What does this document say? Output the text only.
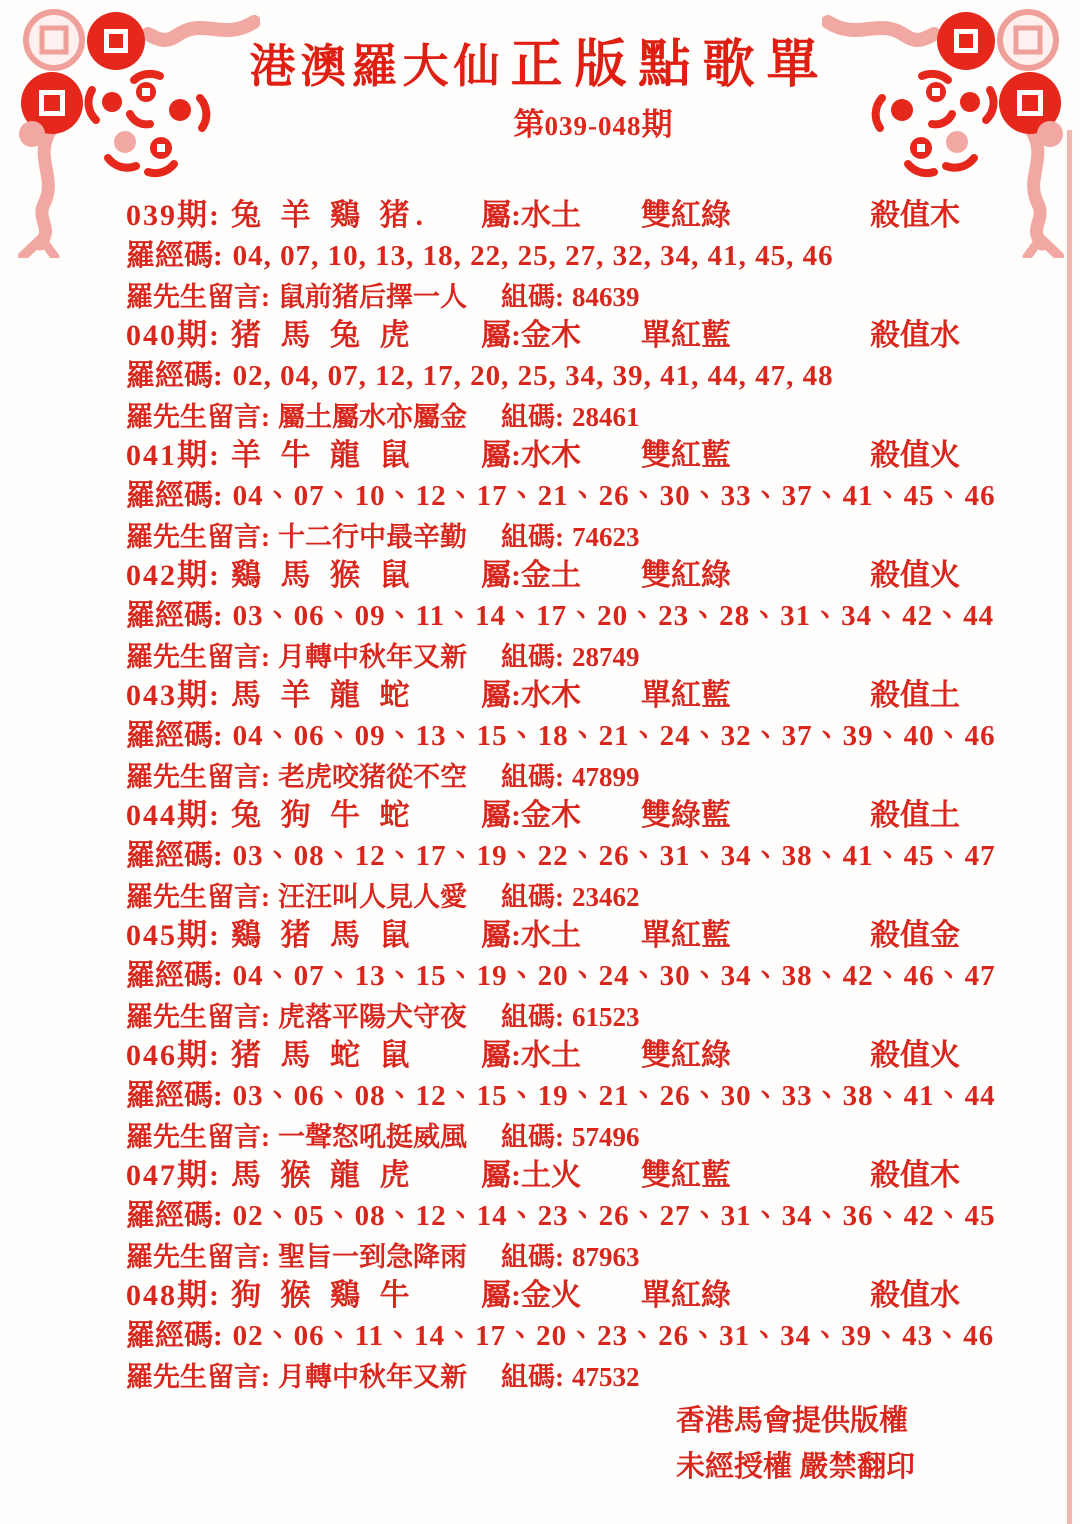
港澳羅大仙 正版點歌單
第039-048期
039期: 兔 羊 鷄 猪.	屬:水土	雙紅綠	殺值木
羅經碼: 04, 07, 10, 13, 18, 22, 25, 27, 32, 34, 41, 45, 46
羅先生留言: 鼠前猪后擇一人 組碼: 84639
040期: 猪 馬 兔 虎	屬:金木	單紅藍	殺值水
羅經碼: 02, 04, 07, 12, 17, 20, 25, 34, 39, 41, 44, 47, 48
羅先生留言: 屬土屬水亦屬金 組碼: 28461
041期: 羊 牛 龍 鼠	屬:水木	雙紅藍	殺值火
羅經碼: 04、07、10、12、17、21、26、30、33、37、41、45、46
羅先生留言: 十二行中最辛勤 組碼: 74623
042期: 鷄 馬 猴 鼠	屬:金土	雙紅綠	殺值火
羅經碼: 03、06、09、11、14、17、20、23、28、31、34、42、44
羅先生留言: 月轉中秋年又新 組碼: 28749
043期: 馬 羊 龍 蛇	屬:水木	單紅藍	殺值土
羅經碼: 04、06、09、13、15、18、21、24、32、37、39、40、46
羅先生留言: 老虎咬猪從不空 組碼: 47899
044期: 兔 狗 牛 蛇	屬:金木	雙綠藍	殺值土
羅經碼: 03、08、12、17、19、22、26、31、34、38、41、45、47
羅先生留言: 汪汪叫人見人愛 組碼: 23462
045期: 鷄 猪 馬 鼠	屬:水土	單紅藍	殺值金
羅經碼: 04、07、13、15、19、20、24、30、34、38、42、46、47
羅先生留言: 虎落平陽犬守夜 組碼: 61523
046期: 猪 馬 蛇 鼠	屬:水土	雙紅綠	殺值火
羅經碼: 03、06、08、12、15、19、21、26、30、33、38、41、44
羅先生留言: 一聲怒吼挺威風 組碼: 57496
047期: 馬 猴 龍 虎	屬:土火	雙紅藍	殺值木
羅經碼: 02、05、08、12、14、23、26、27、31、34、36、42、45
羅先生留言: 聖旨一到急降雨 組碼: 87963
048期: 狗 猴 鷄 牛	屬:金火	單紅綠	殺值水
羅經碼: 02、06、11、14、17、20、23、26、31、34、39、43、46
羅先生留言: 月轉中秋年又新 組碼: 47532
香港馬會提供版權
未經授權 嚴禁翻印
